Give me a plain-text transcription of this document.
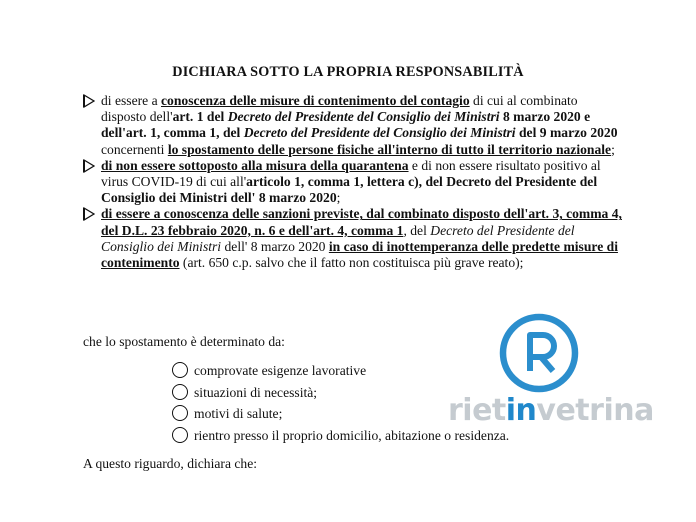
DICHIARA SOTTO LA PROPRIA RESPONSABILITÀ

di essere a conoscenza delle misure di contenimento del contagio di cui al combinato disposto dell'art. 1 del Decreto del Presidente del Consiglio dei Ministri 8 marzo 2020 e dell'art. 1, comma 1, del Decreto del Presidente del Consiglio dei Ministri del 9 marzo 2020 concernenti lo spostamento delle persone fisiche all'interno di tutto il territorio nazionale;

di non essere sottoposto alla misura della quarantena e di non essere risultato positivo al virus COVID-19 di cui all'articolo 1, comma 1, lettera c), del Decreto del Presidente del Consiglio dei Ministri dell' 8 marzo 2020;

di essere a conoscenza delle sanzioni previste, dal combinato disposto dell'art. 3, comma 4, del D.L. 23 febbraio 2020, n. 6 e dell'art. 4, comma 1, del Decreto del Presidente del Consiglio dei Ministri dell' 8 marzo 2020 in caso di inottemperanza delle predette misure di contenimento (art. 650 c.p. salvo che il fatto non costituisca più grave reato);

che lo spostamento è determinato da:
comprovate esigenze lavorative
situazioni di necessità;
motivi di salute;
rientro presso il proprio domicilio, abitazione o residenza.
A questo riguardo, dichiara che:
rietinvetrina
